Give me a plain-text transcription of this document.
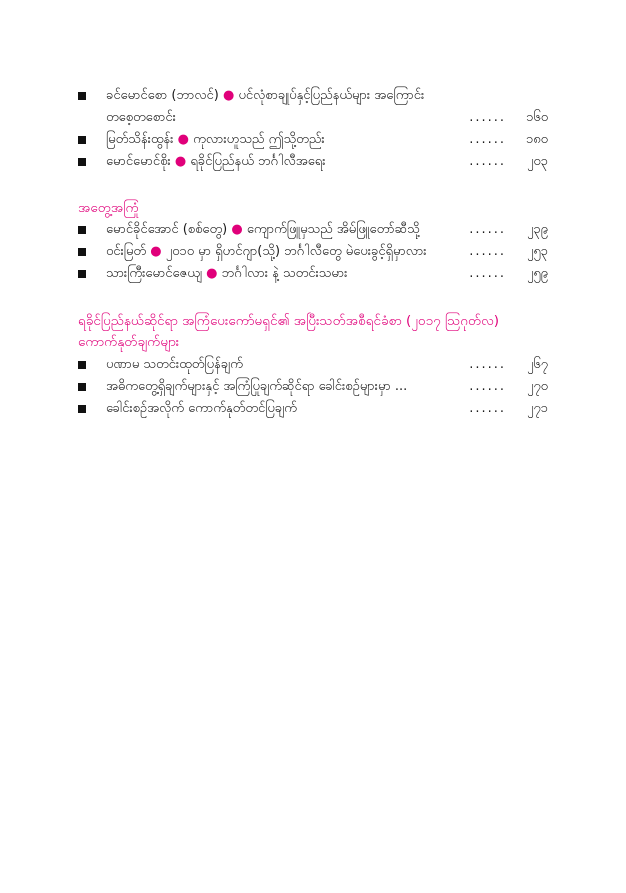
ခင်မောင်စော (ဘာလင်) ● ပင်လုံစာချုပ်နှင့်ပြည်နယ်များ အကြောင်း
တစေ့တစောင်း	...... ၁၆၀
မြတ်သိန်းထွန်း ● ကုလားဟူသည် ဤသို့တည်း	...... ၁၈၀
မောင်မောင်စိုး ● ရခိုင်ပြည်နယ် ဘင်္ဂါလီအရေး	...... ၂၀၃
အတွေ့အကြုံ
မောင်ခိုင်အောင် (စစ်တွေ) ● ကျောက်ဖြူမှသည် အိမ်ဖြူတော်ဆီသို့	...... ၂၃၉
ဝင်းမြတ် ● ၂၀၁၀ မှာ ရှိဟင်ဂျာ(သို့) ဘင်္ဂါလီတွေ မဲပေးခွင့်ရှိမှာလား	...... ၂၅၃
သားကြီးမောင်ဇေယျ ● ဘင်္ဂါလား နဲ့ သတင်းသမား	...... ၂၅၉
ရခိုင်ပြည်နယ်ဆိုင်ရာ အကြံပေးကော်မရှင်၏ အပြီးသတ်အစီရင်ခံစာ (၂၀၁၇ ဩဂုတ်လ)
ကောက်နုတ်ချက်များ
ပဏာမ သတင်းထုတ်ပြန်ချက်	...... ၂၆၇
အဓိကတွေ့ရှိချက်များနှင့် အကြံပြုချက်ဆိုင်ရာ ခေါင်းစဉ်များမှာ ...	...... ၂၇၀
ခေါင်းစဉ်အလိုက် ကောက်နုတ်တင်ပြချက်	...... ၂၇၁
